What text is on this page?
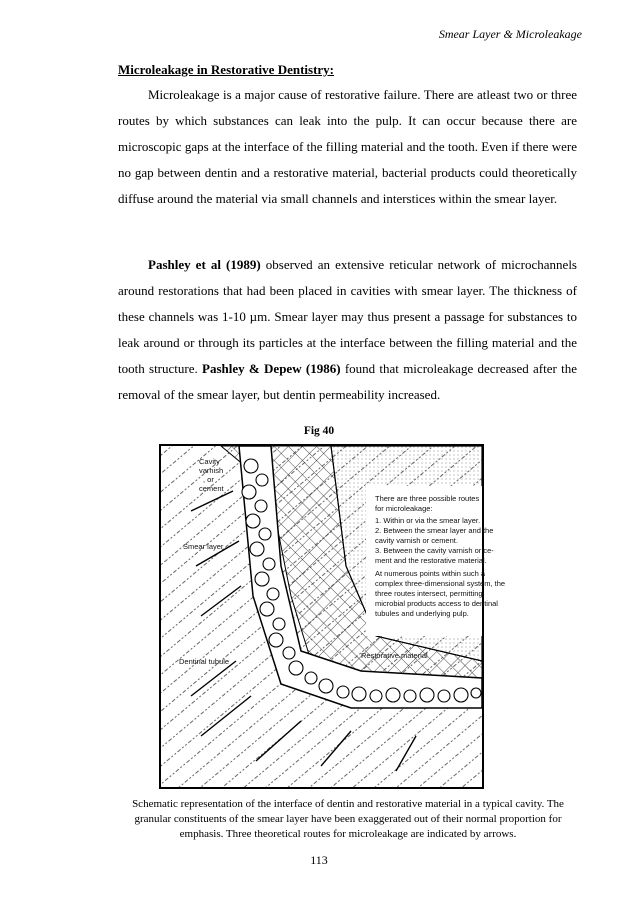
Smear Layer & Microleakage
Microleakage in Restorative Dentistry:

Microleakage is a major cause of restorative failure. There are atleast two or three routes by which substances can leak into the pulp. It can occur because there are microscopic gaps at the interface of the filling material and the tooth. Even if there were no gap between dentin and a restorative material, bacterial products could theoretically diffuse around the material via small channels and interstices within the smear layer.

Pashley et al (1989) observed an extensive reticular network of microchannels around restorations that had been placed in cavities with smear layer. The thickness of these channels was 1-10 µm. Smear layer may thus present a passage for substances to leak around or through its particles at the interface between the filling material and the tooth structure. Pashley & Depew (1986) found that microleakage decreased after the removal of the smear layer, but dentin permeability increased.

Fig 40
Cavity
varnish
, or
cement
Smear layer
Dentinal tubule
Restorative material
There are three possible routes
for microleakage:
1. Within or via the smear layer.
2. Between the smear layer and the
cavity varnish or cement.
3. Between the cavity varnish or ce-
ment and the restorative material.
At numerous points within such a
complex three-dimensional system, the
three routes intersect, permitting
microbial products access to dentinal
tubules and underlying pulp.

Schematic representation of the interface of dentin and restorative material in a typical cavity. The granular constituents of the smear layer have been exaggerated out of their normal proportion for emphasis. Three theoretical routes for microleakage are indicated by arrows.

113
